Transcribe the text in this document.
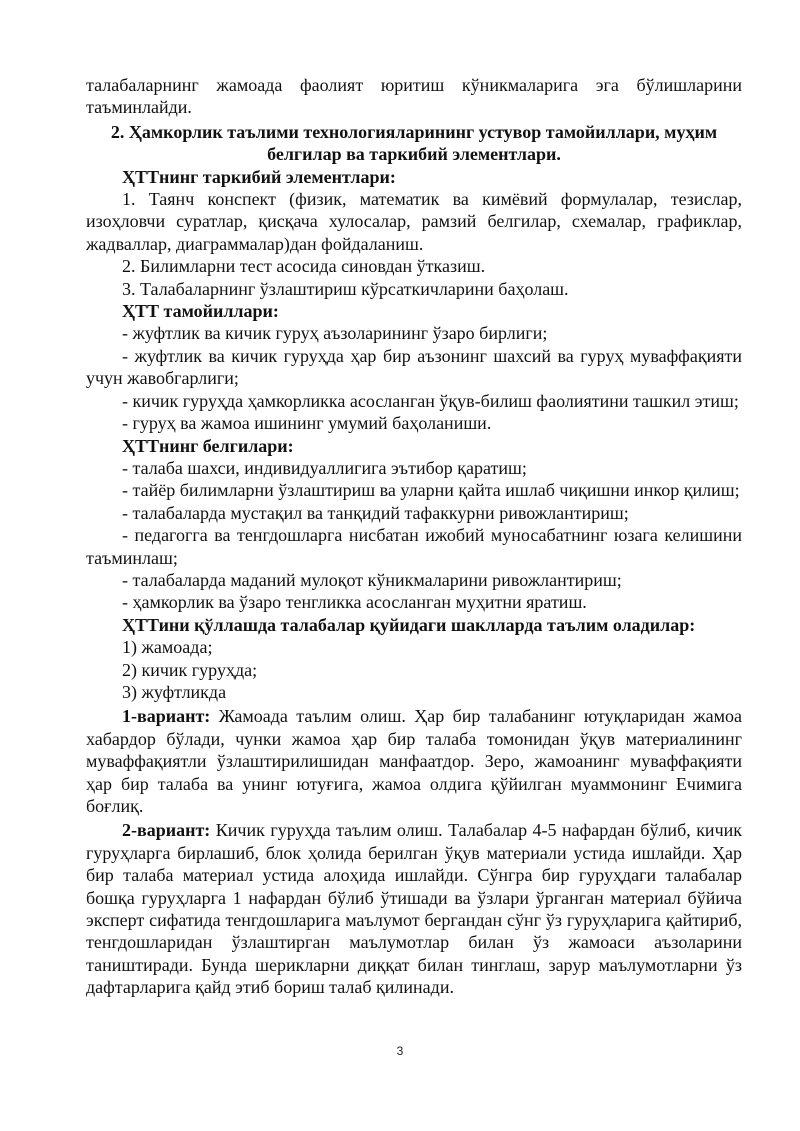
талабаларнинг жамоада фаолият юритиш кўникмаларига эга бўлишларини

таъминлайди.

2. Ҳамкорлик таълими технологияларининг устувор тамойиллари, муҳим

белгилар ва таркибий элементлари.

ҲТТнинг таркибий элементлари:

1. Таянч конспект (физик, математик ва кимёвий формулалар, тезислар, изоҳловчи суратлар, қисқача хулосалар, рамзий белгилар, схемалар, графиклар, жадваллар, диаграммалар)дан фойдаланиш.

2. Билимларни тест асосида синовдан ўтказиш.

3. Талабаларнинг ўзлаштириш кўрсаткичларини баҳолаш.

ҲТТ тамойиллари:

- жуфтлик ва кичик гуруҳ аъзоларининг ўзаро бирлиги;

- жуфтлик ва кичик гуруҳда ҳар бир аъзонинг шахсий ва гуруҳ муваффақияти учун жавобгарлиги;

- кичик гуруҳда ҳамкорликка асосланган ўқув-билиш фаолиятини ташкил этиш;

- гуруҳ ва жамоа ишининг умумий баҳоланиши.

ҲТТнинг белгилари:

- талаба шахси, индивидуаллигига эътибор қаратиш;

- тайёр билимларни ўзлаштириш ва уларни қайта ишлаб чиқишни инкор қилиш;

- талабаларда мустақил ва танқидий тафаккурни ривожлантириш;

- педагогга ва тенгдошларга нисбатан ижобий муносабатнинг юзага келишини таъминлаш;

- талабаларда маданий мулоқот кўникмаларини ривожлантириш;

- ҳамкорлик ва ўзаро тенгликка асосланган муҳитни яратиш.

ҲТТини қўллашда талабалар қуйидаги шаклларда таълим оладилар:

1) жамоада;

2) кичик гуруҳда;

3) жуфтликда

1-вариант: Жамоада таълим олиш. Ҳар бир талабанинг ютуқларидан жамоа хабардор бўлади, чунки жамоа ҳар бир талаба томонидан ўқув материалининг муваффақиятли ўзлаштирилишидан манфаатдор. Зеро, жамоанинг муваффақияти ҳар бир талаба ва унинг ютуғига, жамоа олдига қўйилган муаммонинг Ечимига боғлиқ.

2-вариант: Кичик гуруҳда таълим олиш. Талабалар 4-5 нафардан бўлиб, кичик гуруҳларга бирлашиб, блок ҳолида берилган ўқув материали устида ишлайди. Ҳар бир талаба материал устида алоҳида ишлайди. Сўнгра бир гуруҳдаги талабалар бошқа гуруҳларга 1 нафардан бўлиб ўтишади ва ўзлари ўрганган материал бўйича эксперт сифатида тенгдошларига маълумот бергандан сўнг ўз гуруҳларига қайтириб, тенгдошларидан ўзлаштирган маълумотлар билан ўз жамоаси аъзоларини таништиради. Бунда шерикларни диққат билан тинглаш, зарур маълумотларни ўз дафтарларига қайд этиб бориш талаб қилинади.

3
